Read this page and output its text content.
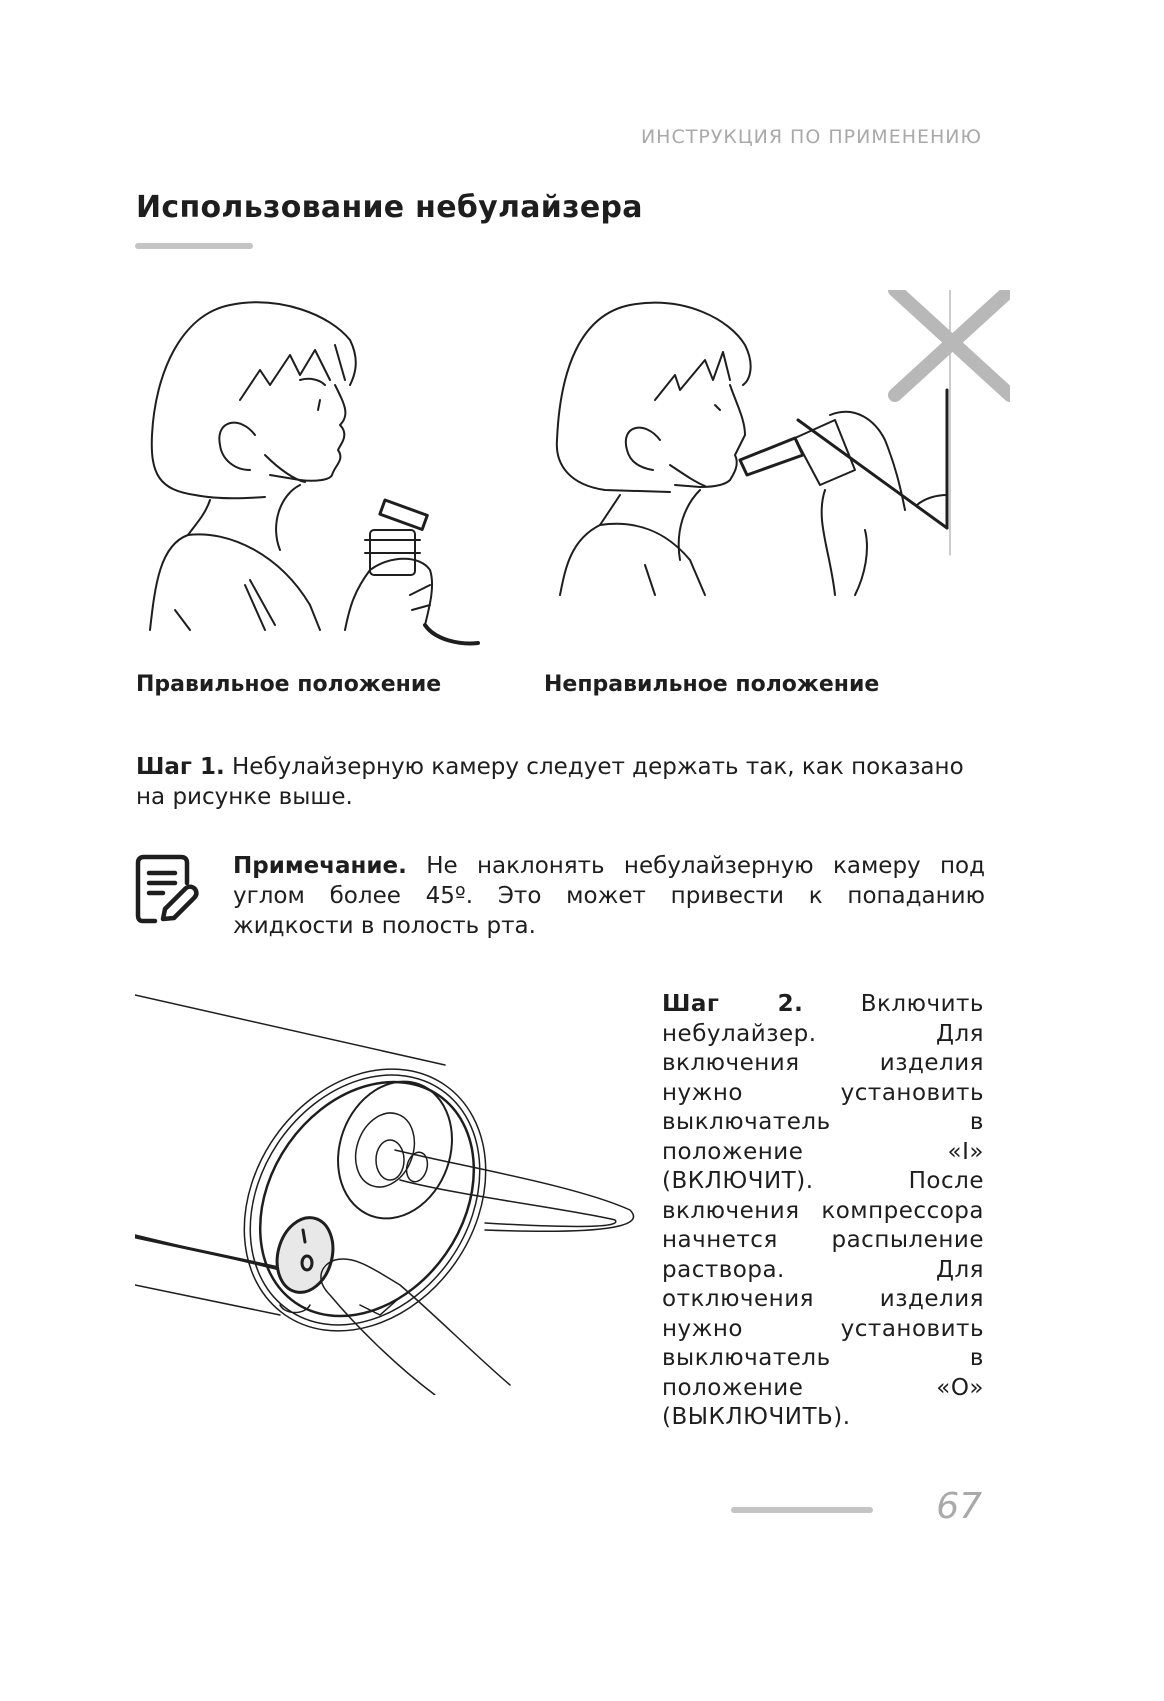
ИНСТРУКЦИЯ ПО ПРИМЕНЕНИЮ
Использование небулайзера
Правильное положение	Неправильное положение

Шаг 1. Небулайзерную камеру следует держать так, как показано на рисунке выше.

Примечание. Не наклонять небулайзерную камеру под углом более 45º. Это может привести к попаданию жидкости в полость рта.

Шаг 2. Включить небулайзер. Для включения изделия нужно установить выключатель в положение «I» (ВКЛЮЧИТ). После включения компрессора начнется распыление раствора. Для отключения изделия нужно установить выключатель в положение «O» (ВЫКЛЮЧИТЬ).

67
